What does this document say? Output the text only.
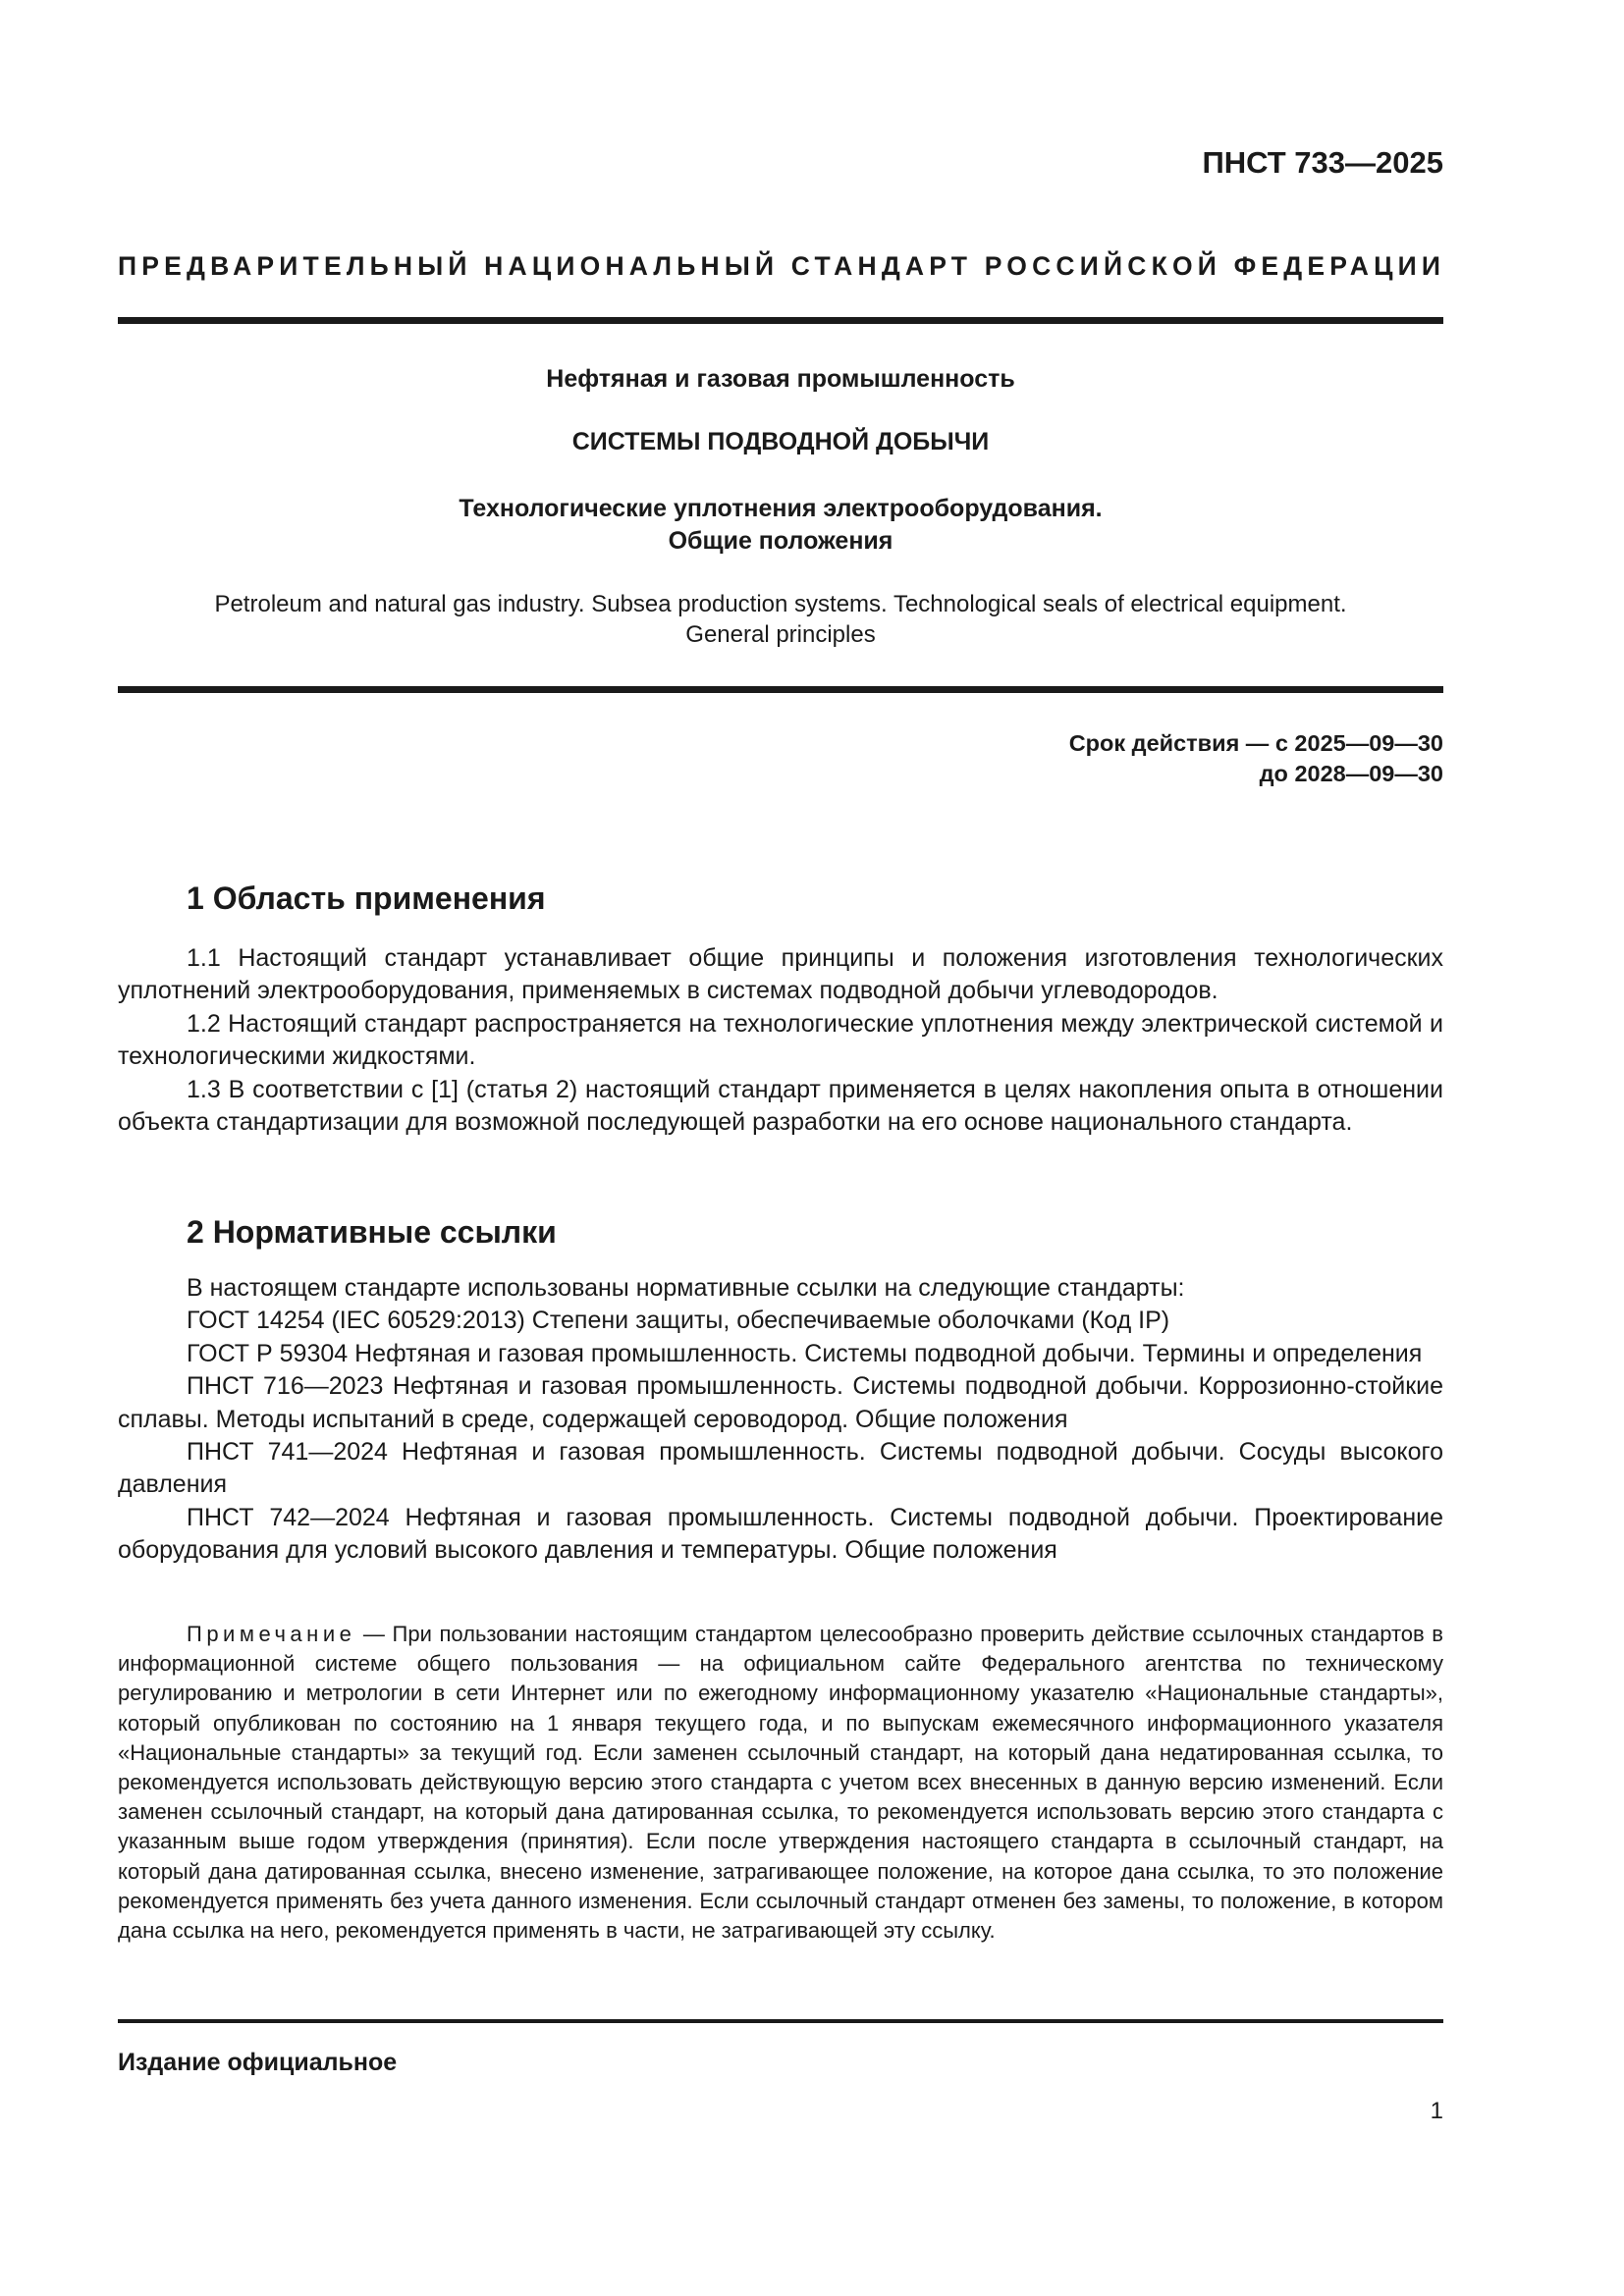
ПНСТ 733—2025
ПРЕДВАРИТЕЛЬНЫЙ НАЦИОНАЛЬНЫЙ СТАНДАРТ РОССИЙСКОЙ ФЕДЕРАЦИИ
Нефтяная и газовая промышленность
СИСТЕМЫ ПОДВОДНОЙ ДОБЫЧИ
Технологические уплотнения электрооборудования.
Общие положения
Petroleum and natural gas industry. Subsea production systems. Technological seals of electrical equipment.
General principles
Срок действия — с 2025—09—30
до 2028—09—30
1 Область применения

1.1 Настоящий стандарт устанавливает общие принципы и положения изготовления технологических уплотнений электрооборудования, применяемых в системах подводной добычи углеводородов.

1.2 Настоящий стандарт распространяется на технологические уплотнения между электрической системой и технологическими жидкостями.

1.3 В соответствии с [1] (статья 2) настоящий стандарт применяется в целях накопления опыта в отношении объекта стандартизации для возможной последующей разработки на его основе национального стандарта.

2 Нормативные ссылки

В настоящем стандарте использованы нормативные ссылки на следующие стандарты:

ГОСТ 14254 (IEC 60529:2013) Степени защиты, обеспечиваемые оболочками (Код IP)

ГОСТ Р 59304 Нефтяная и газовая промышленность. Системы подводной добычи. Термины и определения

ПНСТ 716—2023 Нефтяная и газовая промышленность. Системы подводной добычи. Коррозионно-стойкие сплавы. Методы испытаний в среде, содержащей сероводород. Общие положения

ПНСТ 741—2024 Нефтяная и газовая промышленность. Системы подводной добычи. Сосуды высокого давления

ПНСТ 742—2024 Нефтяная и газовая промышленность. Системы подводной добычи. Проектирование оборудования для условий высокого давления и температуры. Общие положения

Примечание — При пользовании настоящим стандартом целесообразно проверить действие ссылочных стандартов в информационной системе общего пользования — на официальном сайте Федерального агентства по техническому регулированию и метрологии в сети Интернет или по ежегодному информационному указателю «Национальные стандарты», который опубликован по состоянию на 1 января текущего года, и по выпускам ежемесячного информационного указателя «Национальные стандарты» за текущий год. Если заменен ссылочный стандарт, на который дана недатированная ссылка, то рекомендуется использовать действующую версию этого стандарта с учетом всех внесенных в данную версию изменений. Если заменен ссылочный стандарт, на который дана датированная ссылка, то рекомендуется использовать версию этого стандарта с указанным выше годом утверждения (принятия). Если после утверждения настоящего стандарта в ссылочный стандарт, на который дана датированная ссылка, внесено изменение, затрагивающее положение, на которое дана ссылка, то это положение рекомендуется применять без учета данного изменения. Если ссылочный стандарт отменен без замены, то положение, в котором дана ссылка на него, рекомендуется применять в части, не затрагивающей эту ссылку.
Издание официальное
1
